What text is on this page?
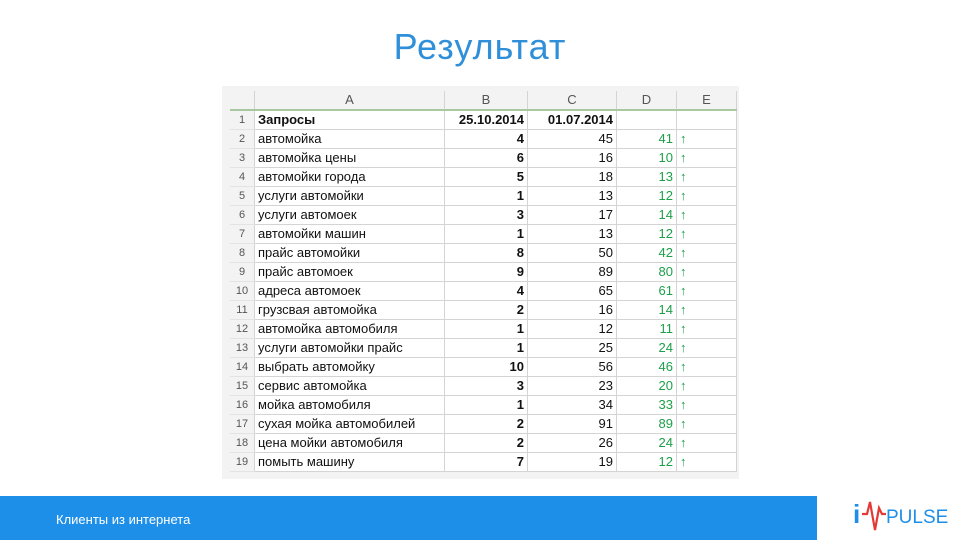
Результат
	A	B	C	D	E
1	Запросы	25.10.2014	01.07.2014		
2	автомойка	4	45	41	↑
3	автомойка цены	6	16	10	↑
4	автомойки города	5	18	13	↑
5	услуги автомойки	1	13	12	↑
6	услуги автомоек	3	17	14	↑
7	автомойки машин	1	13	12	↑
8	прайс автомойки	8	50	42	↑
9	прайс автомоек	9	89	80	↑
10	адреса автомоек	4	65	61	↑
11	грузсвая автомойка	2	16	14	↑
12	автомойка автомобиля	1	12	11	↑
13	услуги автомойки прайс	1	25	24	↑
14	выбрать автомойку	10	56	46	↑
15	сервис автомойка	3	23	20	↑
16	мойка автомобиля	1	34	33	↑
17	сухая мойка автомобилей	2	91	89	↑
18	цена мойки автомобиля	2	26	24	↑
19	помыть машину	7	19	12	↑
Клиенты из интернета	i PULSE
